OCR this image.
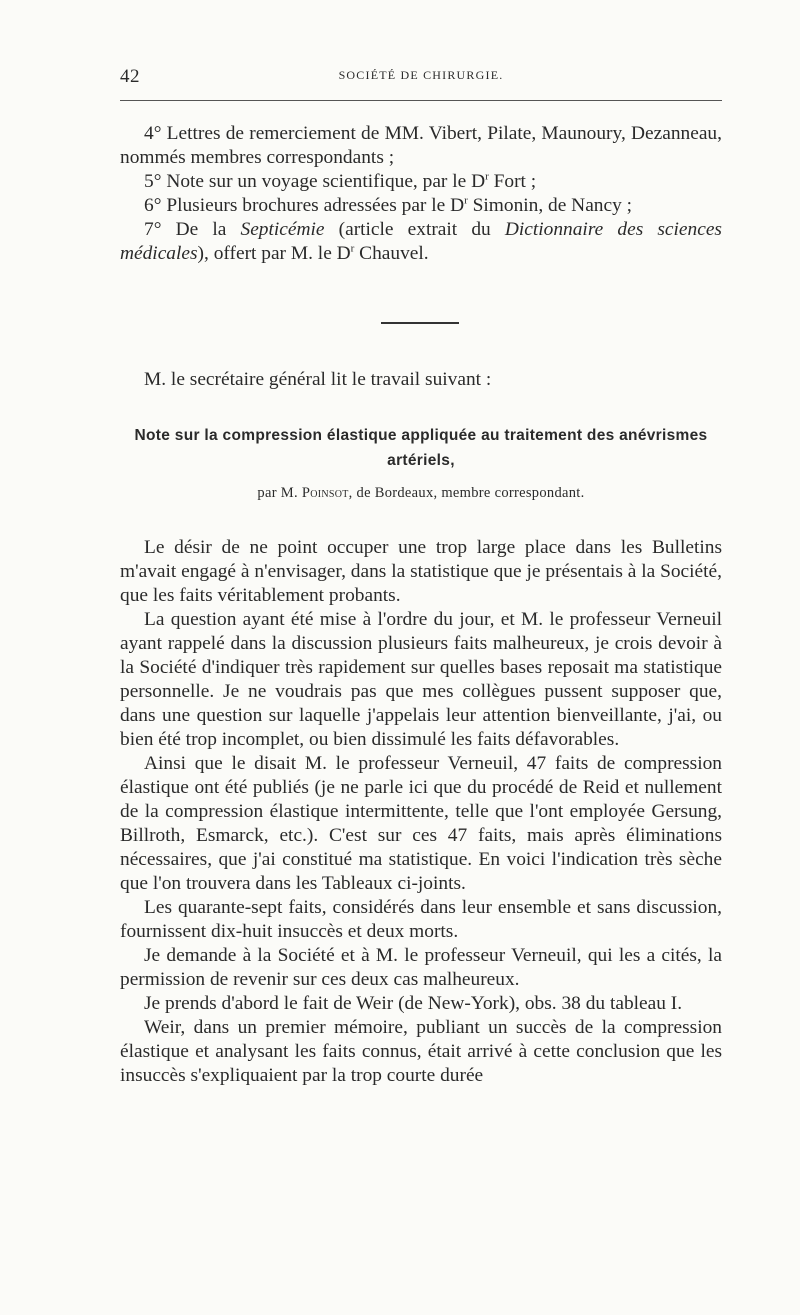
42	SOCIÉTÉ DE CHIRURGIE.

4° Lettres de remerciement de MM. Vibert, Pilate, Maunoury, Dezanneau, nommés membres correspondants ;

5° Note sur un voyage scientifique, par le $D^r$ Fort ;

6° Plusieurs brochures adressées par le $D^r$ Simonin, de Nancy ;

7° De la Septicémie (article extrait du Dictionnaire des sciences médicales), offert par M. le $D^r$ Chauvel.

M. le secrétaire général lit le travail suivant :

Note sur la compression élastique appliquée au traitement des anévrismes artériels,
par M. Poinsot, de Bordeaux, membre correspondant.

Le désir de ne point occuper une trop large place dans les Bulletins m'avait engagé à n'envisager, dans la statistique que je présentais à la Société, que les faits véritablement probants.

La question ayant été mise à l'ordre du jour, et M. le professeur Verneuil ayant rappelé dans la discussion plusieurs faits malheureux, je crois devoir à la Société d'indiquer très rapidement sur quelles bases reposait ma statistique personnelle. Je ne voudrais pas que mes collègues pussent supposer que, dans une question sur laquelle j'appelais leur attention bienveillante, j'ai, ou bien été trop incomplet, ou bien dissimulé les faits défavorables.

Ainsi que le disait M. le professeur Verneuil, 47 faits de compression élastique ont été publiés (je ne parle ici que du procédé de Reid et nullement de la compression élastique intermittente, telle que l'ont employée Gersung, Billroth, Esmarck, etc.). C'est sur ces 47 faits, mais après éliminations nécessaires, que j'ai constitué ma statistique. En voici l'indication très sèche que l'on trouvera dans les Tableaux ci-joints.

Les quarante-sept faits, considérés dans leur ensemble et sans discussion, fournissent dix-huit insuccès et deux morts.

Je demande à la Société et à M. le professeur Verneuil, qui les a cités, la permission de revenir sur ces deux cas malheureux.

Je prends d'abord le fait de Weir (de New-York), obs. 38 du tableau I.

Weir, dans un premier mémoire, publiant un succès de la compression élastique et analysant les faits connus, était arrivé à cette conclusion que les insuccès s'expliquaient par la trop courte durée
